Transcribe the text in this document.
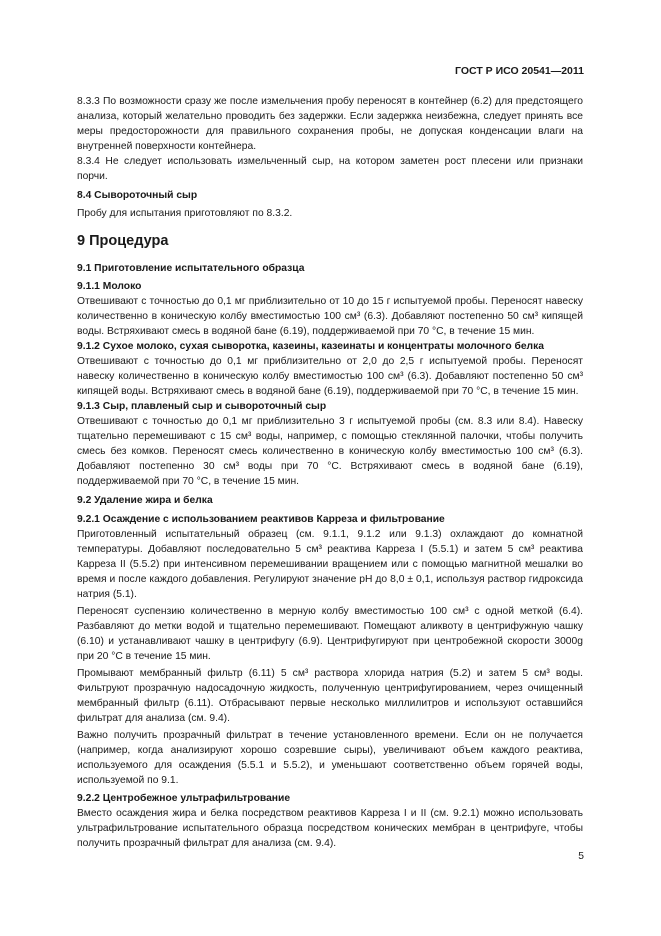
ГОСТ Р ИСО 20541—2011

8.3.3 По возможности сразу же после измельчения пробу переносят в контейнер (6.2) для предстоящего анализа, который желательно проводить без задержки. Если задержка неизбежна, следует принять все меры предосторожности для правильного сохранения пробы, не допуская конденсации влаги на внутренней поверхности контейнера.

8.3.4 Не следует использовать измельченный сыр, на котором заметен рост плесени или признаки порчи.

8.4 Сывороточный сыр

Пробу для испытания приготовляют по 8.3.2.

9 Процедура

9.1 Приготовление испытательного образца

9.1.1 Молоко

Отвешивают с точностью до 0,1 мг приблизительно от 10 до 15 г испытуемой пробы. Переносят навеску количественно в коническую колбу вместимостью 100 см³ (6.3). Добавляют постепенно 50 см³ кипящей воды. Встряхивают смесь в водяной бане (6.19), поддерживаемой при 70 °С, в течение 15 мин.

9.1.2 Сухое молоко, сухая сыворотка, казеины, казеинаты и концентраты молочного белка

Отвешивают с точностью до 0,1 мг приблизительно от 2,0 до 2,5 г испытуемой пробы. Переносят навеску количественно в коническую колбу вместимостью 100 см³ (6.3). Добавляют постепенно 50 см³ кипящей воды. Встряхивают смесь в водяной бане (6.19), поддерживаемой при 70 °С, в течение 15 мин.

9.1.3 Сыр, плавленый сыр и сывороточный сыр

Отвешивают с точностью до 0,1 мг приблизительно 3 г испытуемой пробы (см. 8.3 или 8.4). Навеску тщательно перемешивают с 15 см³ воды, например, с помощью стеклянной палочки, чтобы получить смесь без комков. Переносят смесь количественно в коническую колбу вместимостью 100 см³ (6.3). Добавляют постепенно 30 см³ воды при 70 °С. Встряхивают смесь в водяной бане (6.19), поддерживаемой при 70 °С, в течение 15 мин.

9.2 Удаление жира и белка

9.2.1 Осаждение с использованием реактивов Карреза и фильтрование

Приготовленный испытательный образец (см. 9.1.1, 9.1.2 или 9.1.3) охлаждают до комнатной температуры. Добавляют последовательно 5 см³ реактива Карреза I (5.5.1) и затем 5 см³ реактива Карреза II (5.5.2) при интенсивном перемешивании вращением или с помощью магнитной мешалки во время и после каждого добавления. Регулируют значение pH до 8,0 ± 0,1, используя раствор гидроксида натрия (5.1).

Переносят суспензию количественно в мерную колбу вместимостью 100 см³ с одной меткой (6.4). Разбавляют до метки водой и тщательно перемешивают. Помещают аликвоту в центрифужную чашку (6.10) и устанавливают чашку в центрифугу (6.9). Центрифугируют при центробежной скорости 3000g при 20 °С в течение 15 мин.

Промывают мембранный фильтр (6.11) 5 см³ раствора хлорида натрия (5.2) и затем 5 см³ воды. Фильтруют прозрачную надосадочную жидкость, полученную центрифугированием, через очищенный мембранный фильтр (6.11). Отбрасывают первые несколько миллилитров и используют оставшийся фильтрат для анализа (см. 9.4).

Важно получить прозрачный фильтрат в течение установленного времени. Если он не получается (например, когда анализируют хорошо созревшие сыры), увеличивают объем каждого реактива, используемого для осаждения (5.5.1 и 5.5.2), и уменьшают соответственно объем горячей воды, используемой по 9.1.

9.2.2 Центробежное ультрафильтрование

Вместо осаждения жира и белка посредством реактивов Карреза I и II (см. 9.2.1) можно использовать ультрафильтрование испытательного образца посредством конических мембран в центрифуге, чтобы получить прозрачный фильтрат для анализа (см. 9.4).

5
